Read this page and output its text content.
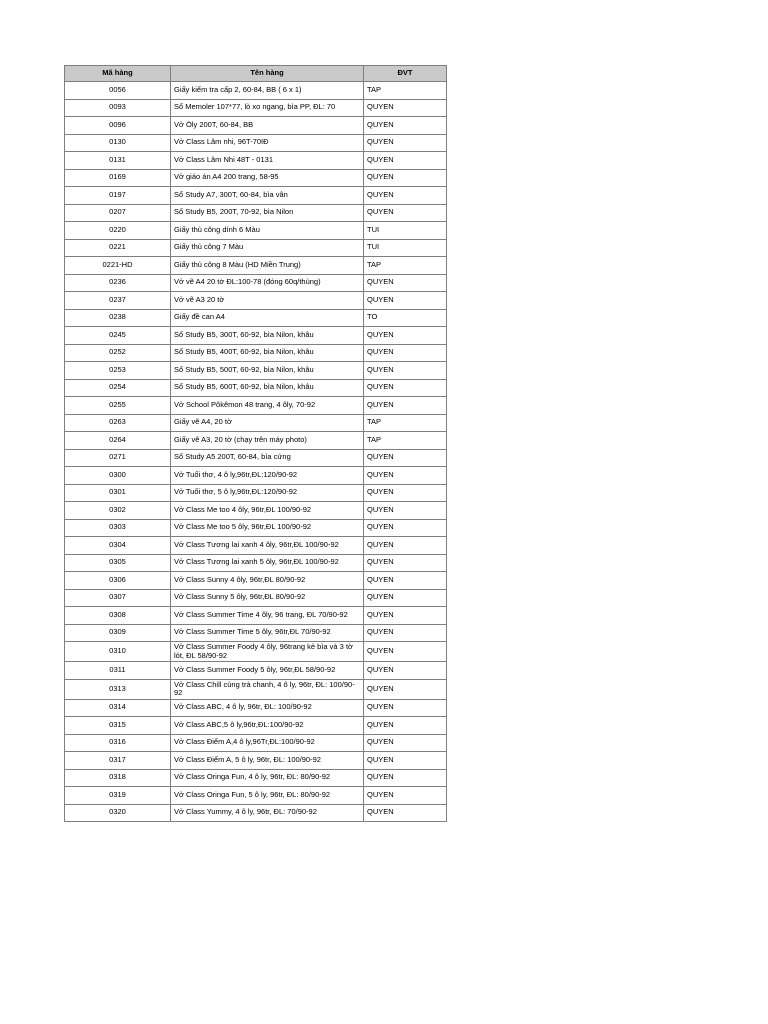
Mã hàng	Tên hàng	ĐVT
0056	Giấy kiểm tra cấp 2, 60-84, BB ( 6 x 1)	TAP
0093	Sổ Memoler 107*77, lò xo ngang, bìa PP, ĐL: 70	QUYEN
0096	Vở Ôly 200T, 60-84, BB	QUYEN
0130	Vở Class Lâm nhi, 96T-70IĐ	QUYEN
0131	Vở Class Lâm Nhi 48T - 0131	QUYEN
0169	Vở giáo án A4 200 trang, 58-95	QUYEN
0197	Sổ Study A7, 300T, 60-84, bìa vân	QUYEN
0207	Sổ Study B5, 200T, 70-92, bìa Nilon	QUYEN
0220	Giấy thủ công dính 6 Màu	TUI
0221	Giấy thủ công 7 Màu	TUI
0221-HD	Giấy thủ công 8 Màu (HD Miền Trung)	TAP
0236	Vở vẽ A4 20 tờ ĐL:100-78 (đóng 60q/thùng)	QUYEN
0237	Vở vẽ A3 20 tờ	QUYEN
0238	Giấy đề can A4	TO
0245	Sổ Study B5, 300T, 60-92, bìa Nilon, khâu	QUYEN
0252	Sổ Study B5, 400T, 60-92, bìa Nilon, khâu	QUYEN
0253	Sổ Study B5, 500T, 60-92, bìa Nilon, khâu	QUYEN
0254	Sổ Study B5, 600T, 60-92, bìa Nilon, khâu	QUYEN
0255	Vở School Pôkêmon 48 trang, 4 ôly, 70-92	QUYEN
0263	Giấy vẽ A4, 20 tờ	TAP
0264	Giấy vẽ A3, 20 tờ (chạy trên máy photo)	TAP
0271	Sổ Study A5 200T, 60-84, bìa cứng	QUYEN
0300	Vở Tuổi thơ, 4 ô ly,96tr,ĐL:120/90-92	QUYEN
0301	Vở Tuổi thơ, 5 ô ly,96tr,ĐL:120/90-92	QUYEN
0302	Vở Class Me too 4 ôly, 96tr,ĐL 100/90-92	QUYEN
0303	Vở Class Me too 5 ôly, 96tr,ĐL 100/90-92	QUYEN
0304	Vở Class Tương lai xanh 4 ôly, 96tr,ĐL 100/90-92	QUYEN
0305	Vở Class Tương lai xanh 5 ôly, 96tr,ĐL 100/90-92	QUYEN
0306	Vở Class Sunny 4 ôly, 96tr,ĐL 80/90-92	QUYEN
0307	Vở Class Sunny 5 ôly, 96tr,ĐL 80/90-92	QUYEN
0308	Vở Class Summer Time 4 ôly, 96 trang, ĐL 70/90-92	QUYEN
0309	Vở Class Summer Time 5 ôly, 96tr,ĐL 70/90-92	QUYEN
0310	Vở Class Summer Foody 4 ôly, 96trang kẻ bìa và 3 tờ lót, ĐL 58/90-92	QUYEN
0311	Vở Class Summer Foody 5 ôly, 96tr,ĐL 58/90-92	QUYEN
0313	Vở Class Chill cùng trà chanh, 4 ô ly, 96tr, ĐL: 100/90-92	QUYEN
0314	Vở Class ABC, 4 ô ly, 96tr, ĐL: 100/90-92	QUYEN
0315	Vở Class ABC,5 ô ly,96tr,ĐL:100/90-92	QUYEN
0316	Vở Class Điểm A,4 ô ly,96Tr,ĐL:100/90-92	QUYEN
0317	Vở Class Điểm A, 5 ô ly, 96tr, ĐL: 100/90-92	QUYEN
0318	Vở Class Oringa Fun, 4 ô ly, 96tr, ĐL: 80/90-92	QUYEN
0319	Vở Class Oringa Fun, 5 ô ly, 96tr, ĐL: 80/90-92	QUYEN
0320	Vở Class Yummy, 4 ô ly, 96tr, ĐL: 70/90-92	QUYEN
